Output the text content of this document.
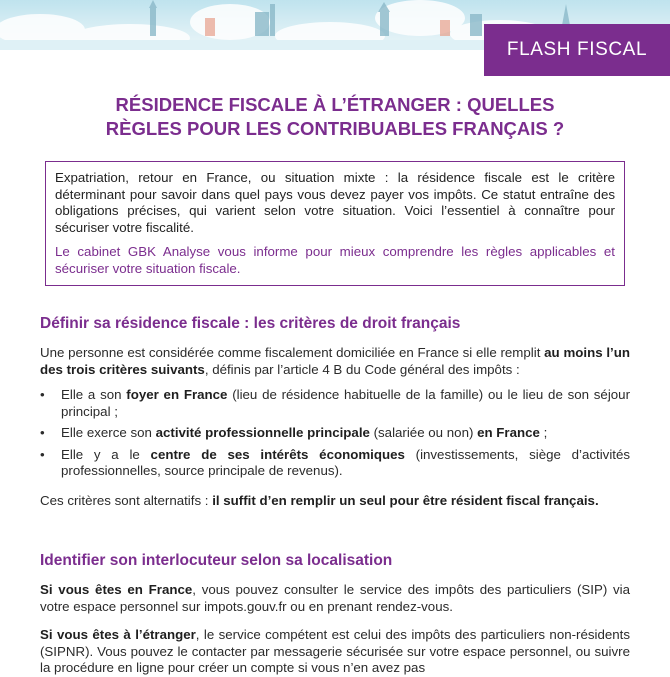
FLASH FISCAL
RÉSIDENCE FISCALE À L’ÉTRANGER : QUELLES
RÈGLES POUR LES CONTRIBUABLES FRANÇAIS ?

Expatriation, retour en France, ou situation mixte : la résidence fiscale est le critère déterminant pour savoir dans quel pays vous devez payer vos impôts. Ce statut entraîne des obligations précises, qui varient selon votre situation. Voici l’essentiel à connaître pour sécuriser votre fiscalité.

Le cabinet GBK Analyse vous informe pour mieux comprendre les règles applicables et sécuriser votre situation fiscale.

Définir sa résidence fiscale : les critères de droit français

Une personne est considérée comme fiscalement domiciliée en France si elle remplit au moins l’un des trois critères suivants, définis par l’article 4 B du Code général des impôts :

• Elle a son foyer en France (lieu de résidence habituelle de la famille) ou le lieu de son séjour principal ;
• Elle exerce son activité professionnelle principale (salariée ou non) en France ;
• Elle y a le centre de ses intérêts économiques (investissements, siège d’activités professionnelles, source principale de revenus).

Ces critères sont alternatifs : il suffit d’en remplir un seul pour être résident fiscal français.

Identifier son interlocuteur selon sa localisation

Si vous êtes en France, vous pouvez consulter le service des impôts des particuliers (SIP) via votre espace personnel sur impots.gouv.fr ou en prenant rendez-vous.

Si vous êtes à l’étranger, le service compétent est celui des impôts des particuliers non-résidents (SIPNR). Vous pouvez le contacter par messagerie sécurisée sur votre espace personnel, ou suivre la procédure en ligne pour créer un compte si vous n’en avez pas
